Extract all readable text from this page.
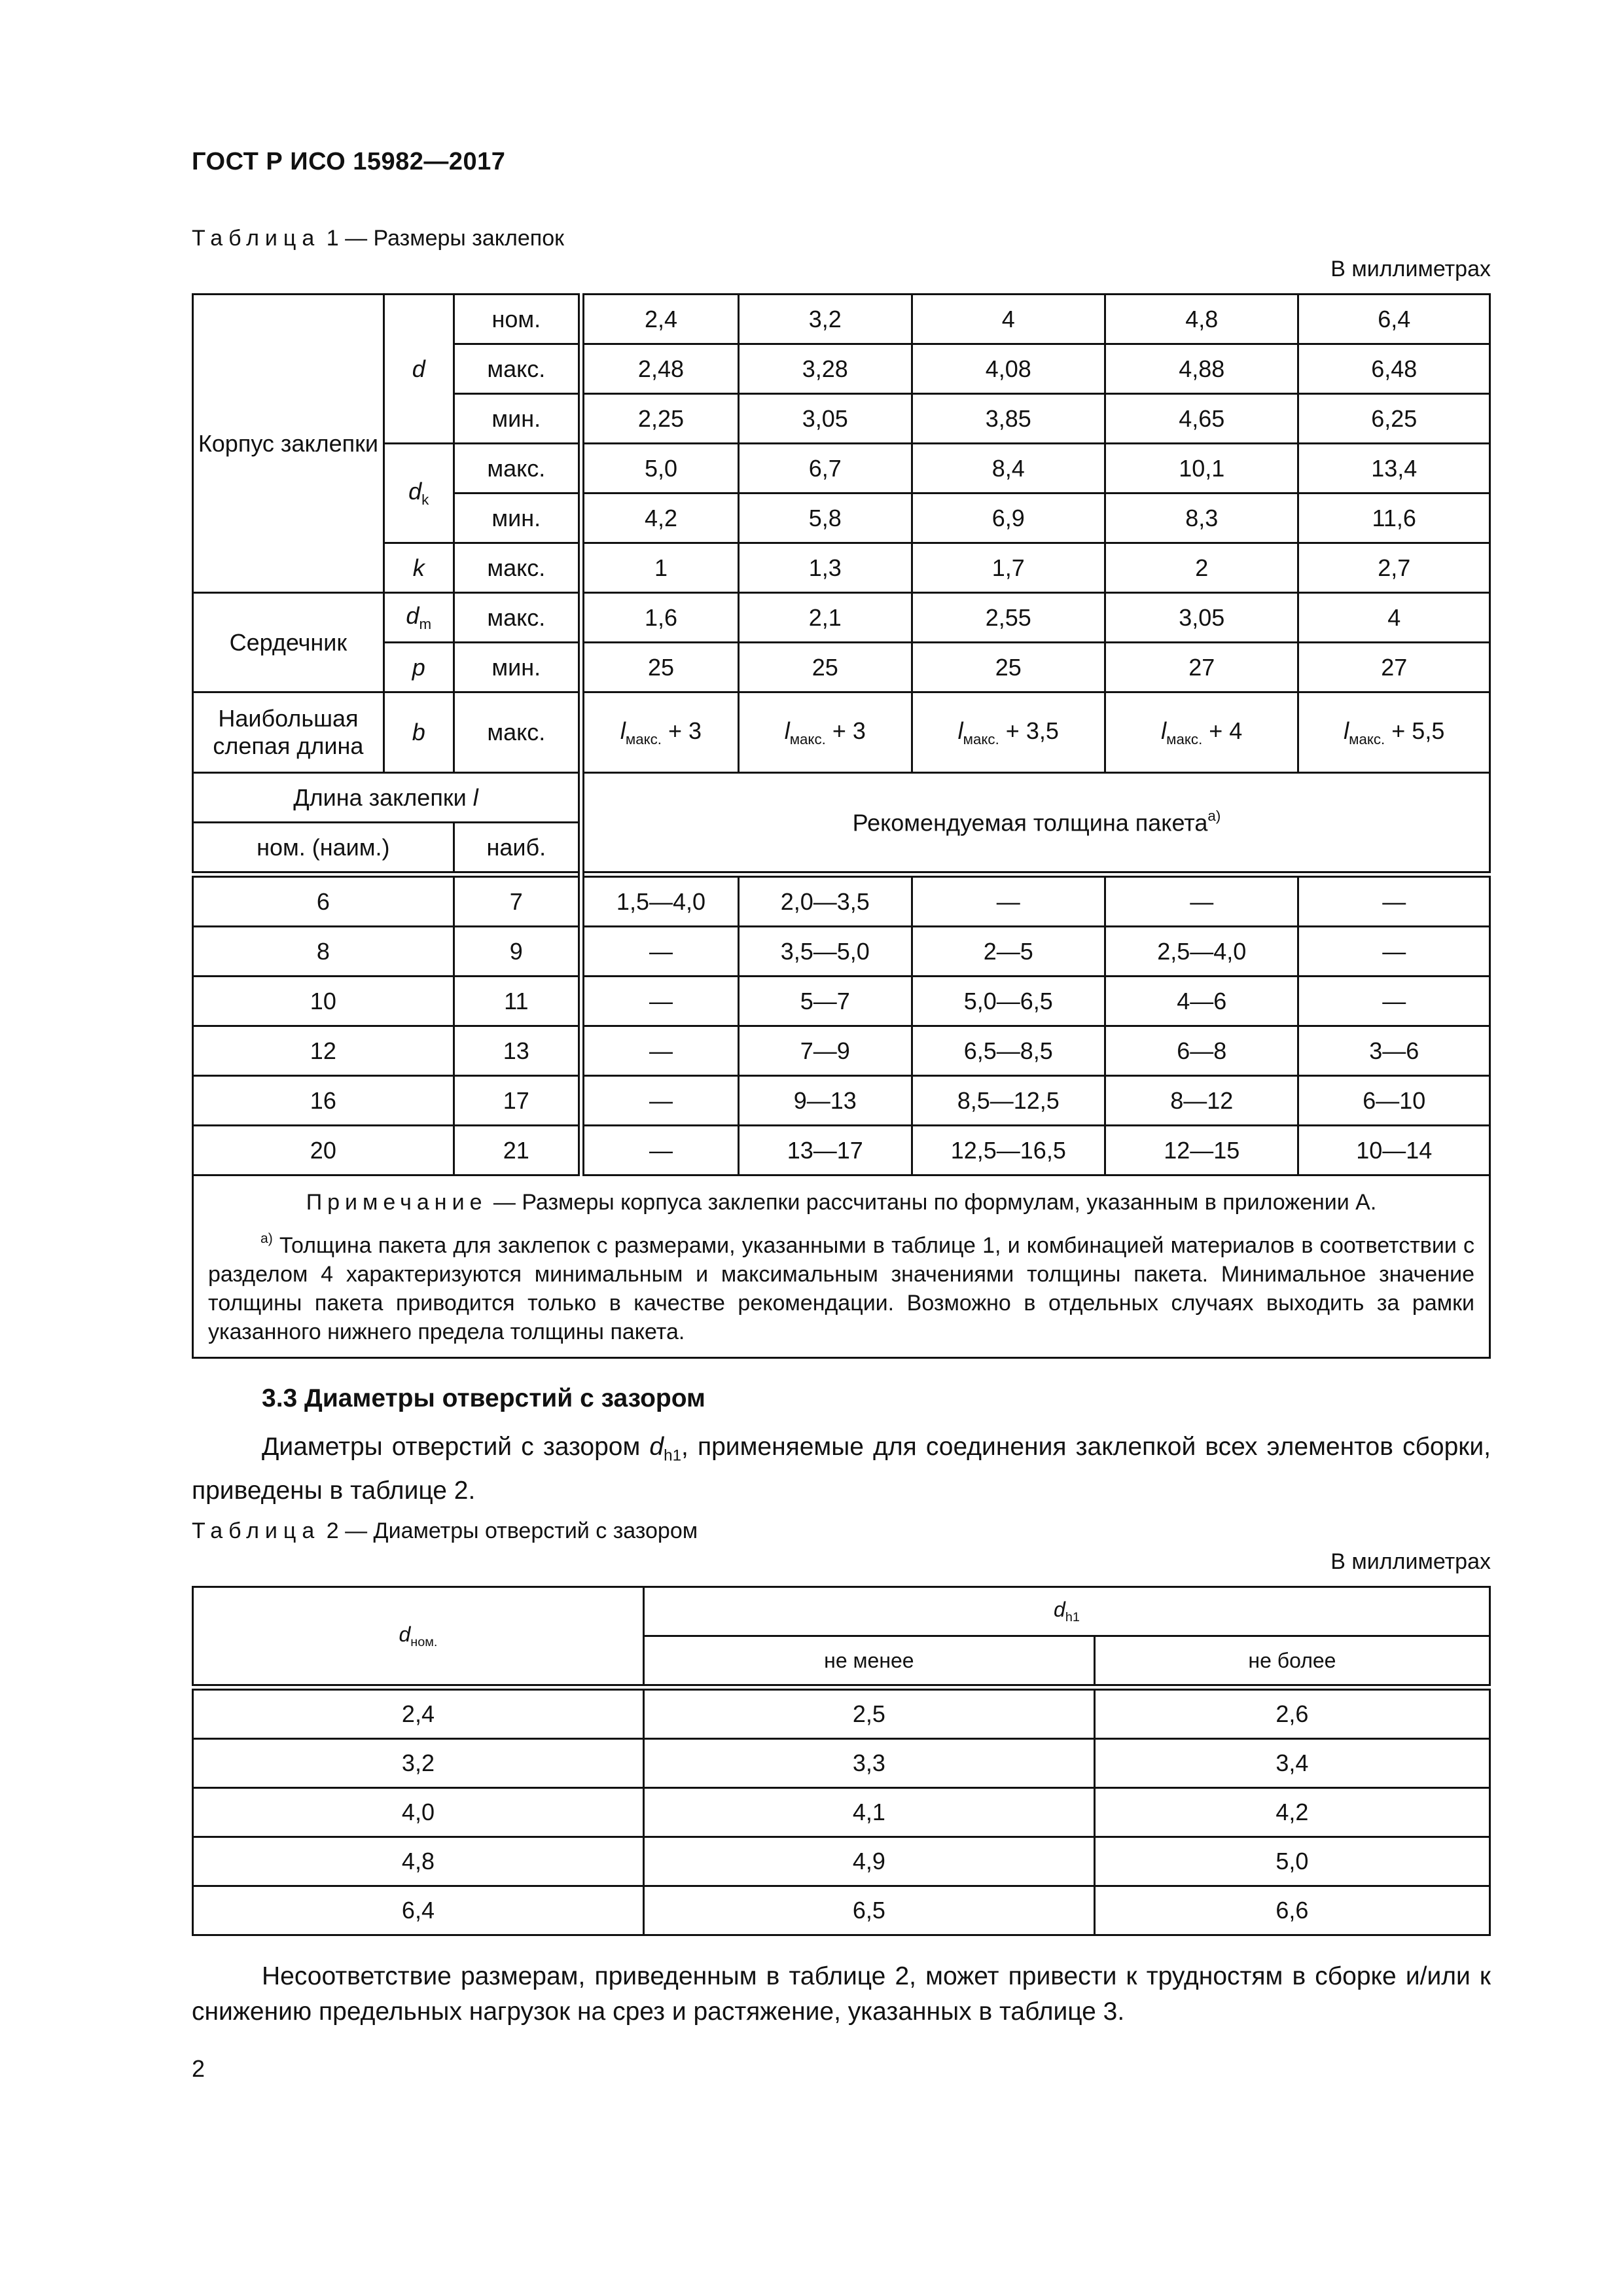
ГОСТ Р ИСО 15982—2017
Таблица 1 — Размеры заклепок
В миллиметрах
Корпус заклепки	d	ном.	2,4	3,2	4	4,8	6,4
		макс.	2,48	3,28	4,08	4,88	6,48
		мин.	2,25	3,05	3,85	4,65	6,25
	$d_k$	макс.	5,0	6,7	8,4	10,1	13,4
		мин.	4,2	5,8	6,9	8,3	11,6
	k	макс.	1	1,3	1,7	2	2,7
Сердечник	$d_m$	макс.	1,6	2,1	2,55	3,05	4
	p	мин.	25	25	25	27	27
Наибольшая слепая длина	b	макс.	$l_{макс.} + 3$	$l_{макс.} + 3$	$l_{макс.} + 3,5$	$l_{макс.} + 4$	$l_{макс.} + 5,5$
Длина заклепки l			Рекомендуемая толщина пакета$^{а)}$
ном. (наим.)		наиб.					
6		7	1,5—4,0	2,0—3,5	—	—	—
8		9	—	3,5—5,0	2—5	2,5—4,0	—
10		11	—	5—7	5,0—6,5	4—6	—
12		13	—	7—9	6,5—8,5	6—8	3—6
16		17	—	9—13	8,5—12,5	8—12	6—10
20		21	—	13—17	12,5—16,5	12—15	10—14

Примечание — Размеры корпуса заклепки рассчитаны по формулам, указанным в приложении А.

$^{а)}$ Толщина пакета для заклепок с размерами, указанными в таблице 1, и комбинацией материалов в соответствии с разделом 4 характеризуются минимальным и максимальным значениями толщины пакета. Минимальное значение толщины пакета приводится только в качестве рекомендации. Возможно в отдельных случаях выходить за рамки указанного нижнего предела толщины пакета.							

3.3 Диаметры отверстий с зазором

Диаметры отверстий с зазором $d_{h1}$, применяемые для соединения заклепкой всех элементов сборки, приведены в таблице 2.

Таблица 2 — Диаметры отверстий с зазором
В миллиметрах
$d_{ном.}$	$d_{h1}$
	не менее	не более
2,4	2,5	2,6
3,2	3,3	3,4
4,0	4,1	4,2
4,8	4,9	5,0
6,4	6,5	6,6

Несоответствие размерам, приведенным в таблице 2, может привести к трудностям в сборке и/или к снижению предельных нагрузок на срез и растяжение, указанных в таблице 3.

2
